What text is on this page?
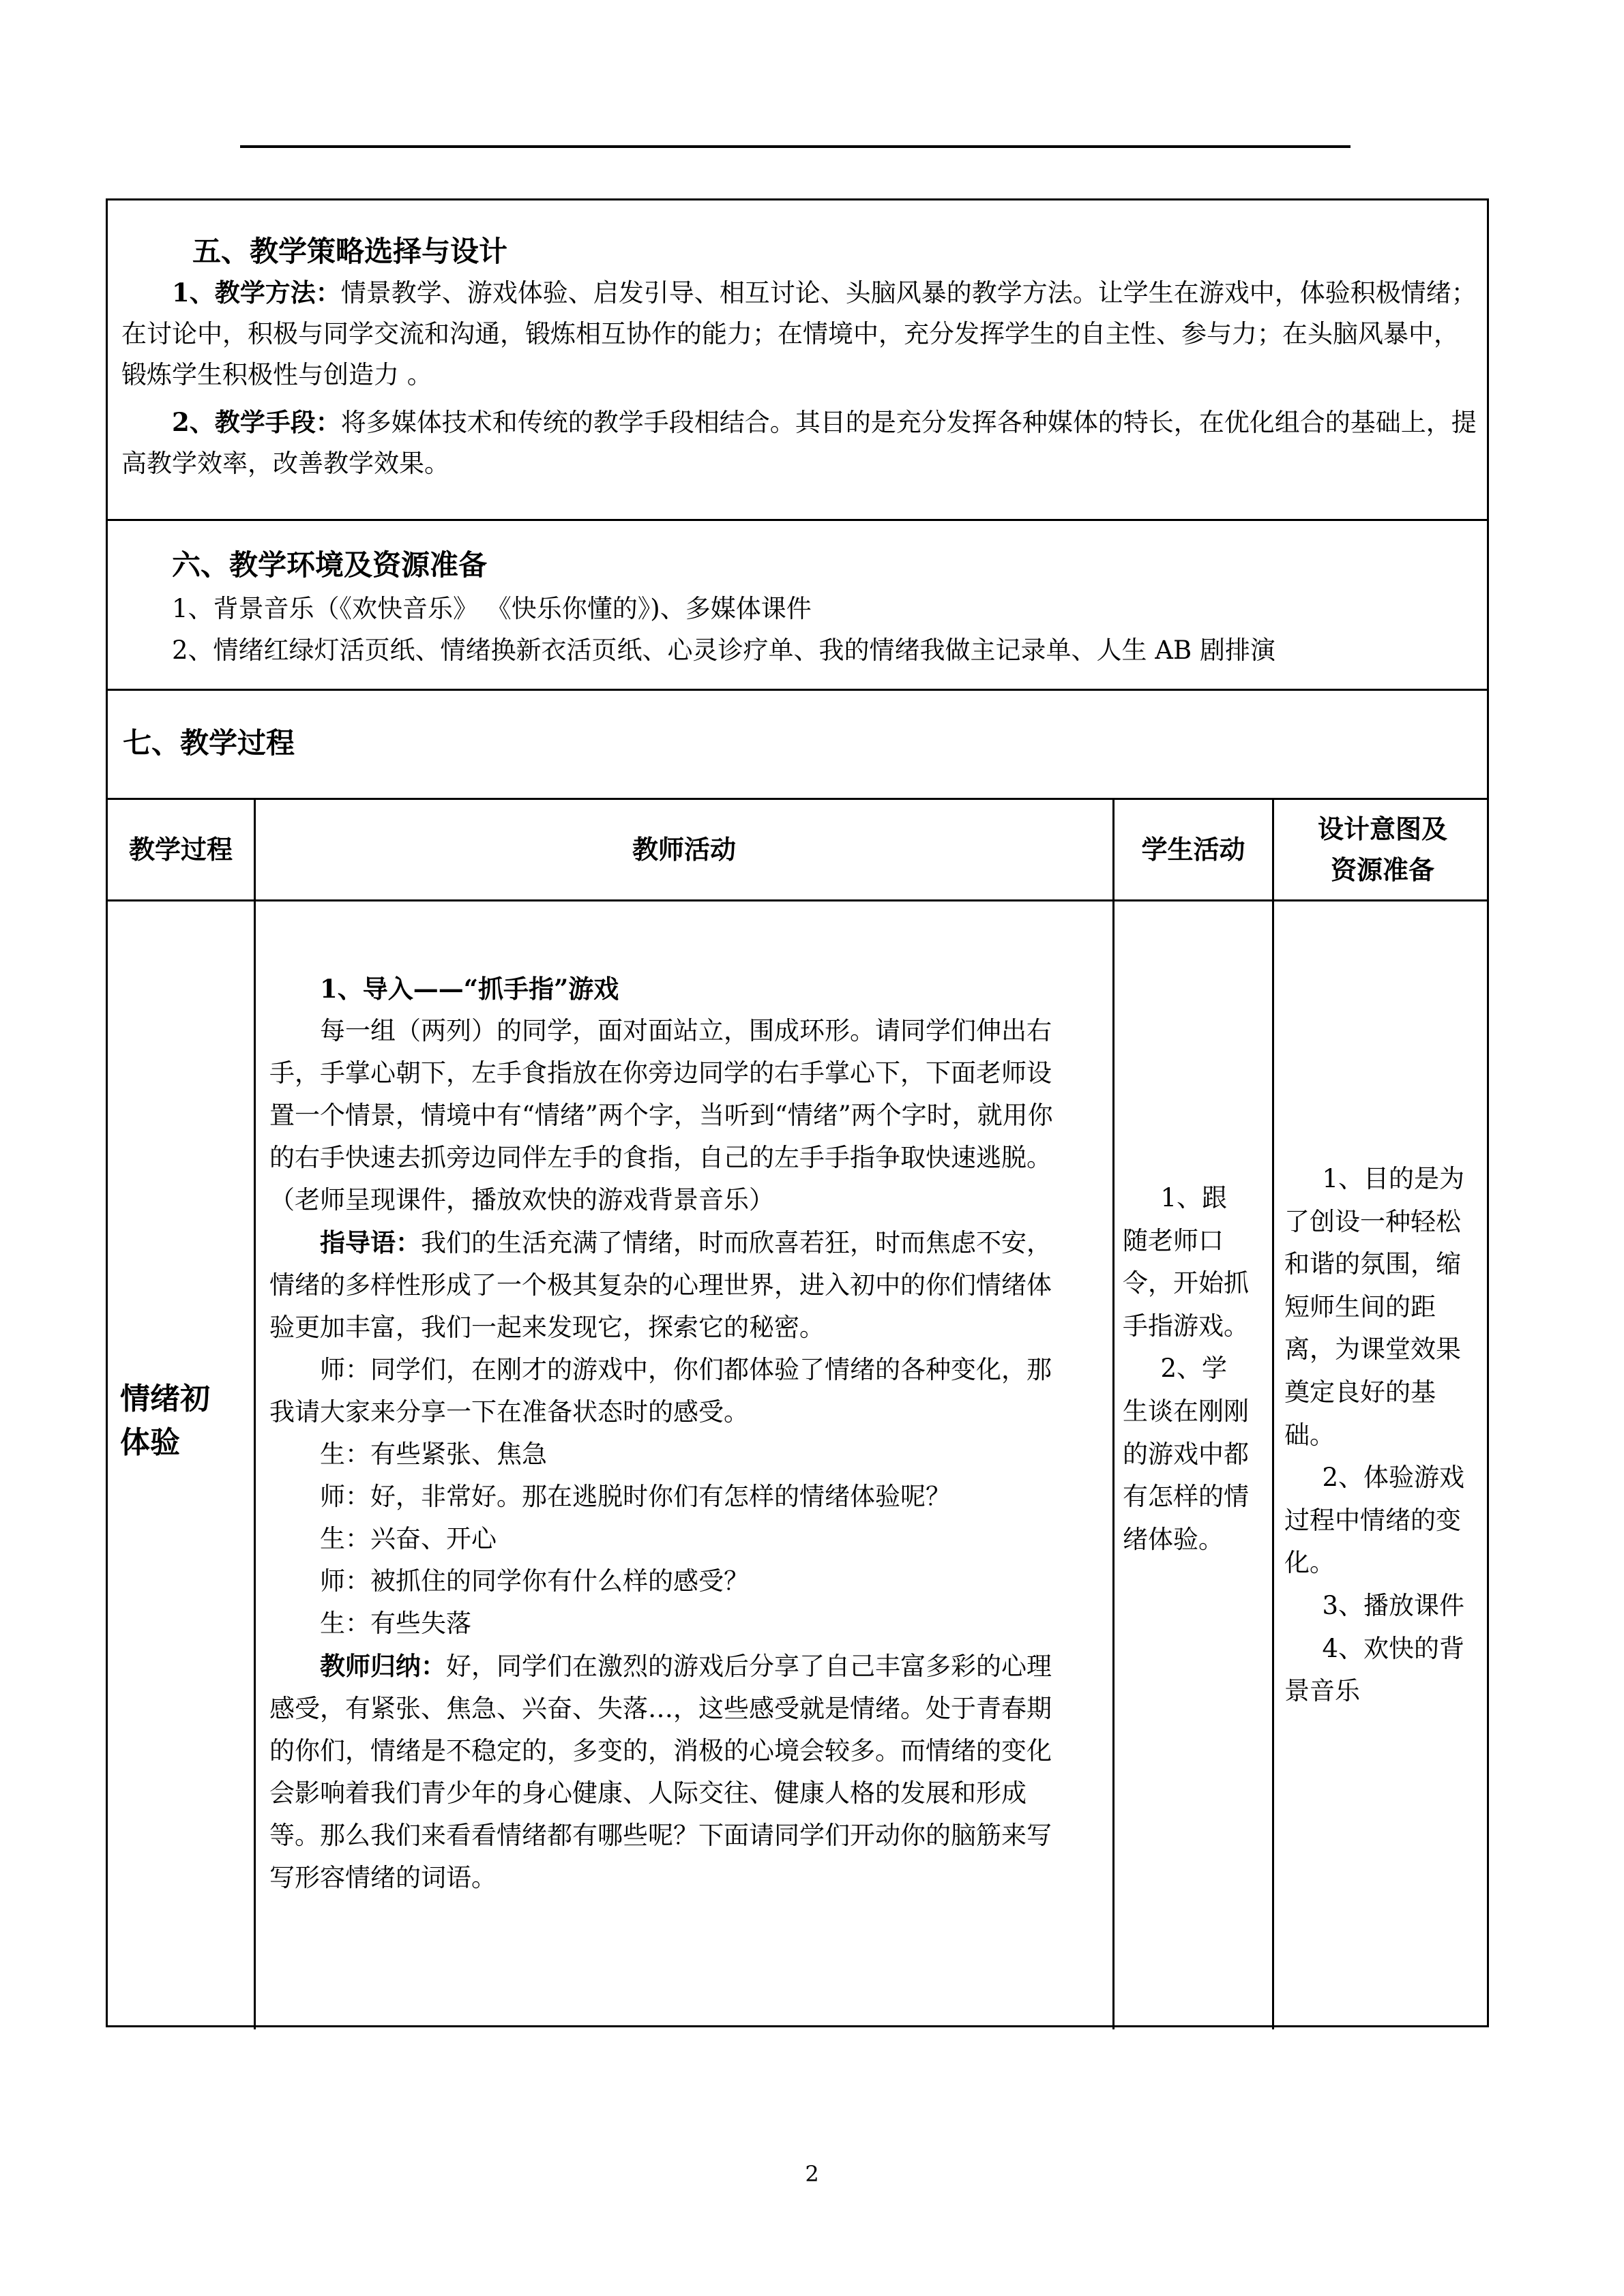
五、教学策略选择与设计
1、教学方法：情景教学、游戏体验、启发引导、相互讨论、头脑风暴的教学方法。让学生在游戏中，体验积极情绪；在讨论中，积极与同学交流和沟通，锻炼相互协作的能力；在情境中，充分发挥学生的自主性、参与力；在头脑风暴中，锻炼学生积极性与创造力 。
2、教学手段：将多媒体技术和传统的教学手段相结合。其目的是充分发挥各种媒体的特长，在优化组合的基础上，提高教学效率，改善教学效果。
六、教学环境及资源准备
1、背景音乐（《欢快音乐》 《快乐你懂的》)、多媒体课件
2、情绪红绿灯活页纸、情绪换新衣活页纸、心灵诊疗单、我的情绪我做主记录单、人生 AB 剧排演
七、教学过程
教学过程	教师活动	学生活动
设计意图及资源准备
情绪初体验

1、导入——“抓手指”游戏

每一组（两列）的同学，面对面站立，围成环形。请同学们伸出右手，手掌心朝下，左手食指放在你旁边同学的右手掌心下，下面老师设置一个情景，情境中有“情绪”两个字，当听到“情绪”两个字时，就用你的右手快速去抓旁边同伴左手的食指，自己的左手手指争取快速逃脱。（老师呈现课件，播放欢快的游戏背景音乐）

指导语：我们的生活充满了情绪，时而欣喜若狂，时而焦虑不安，情绪的多样性形成了一个极其复杂的心理世界，进入初中的你们情绪体验更加丰富，我们一起来发现它，探索它的秘密。

师：同学们，在刚才的游戏中，你们都体验了情绪的各种变化，那我请大家来分享一下在准备状态时的感受。

生：有些紧张、焦急

师：好，非常好。那在逃脱时你们有怎样的情绪体验呢？

生：兴奋、开心

师：被抓住的同学你有什么样的感受？

生：有些失落

教师归纳：好，同学们在激烈的游戏后分享了自己丰富多彩的心理感受，有紧张、焦急、兴奋、失落…，这些感受就是情绪。处于青春期的你们，情绪是不稳定的，多变的，消极的心境会较多。而情绪的变化会影响着我们青少年的身心健康、人际交往、健康人格的发展和形成等。那么我们来看看情绪都有哪些呢？下面请同学们开动你的脑筋来写写形容情绪的词语。

1、跟随老师口令，开始抓手指游戏。

2、学生谈在刚刚的游戏中都有怎样的情绪体验。

1、目的是为了创设一种轻松和谐的氛围，缩短师生间的距离，为课堂效果奠定良好的基础。

2、体验游戏过程中情绪的变化。

3、播放课件

4、欢快的背景音乐

2
